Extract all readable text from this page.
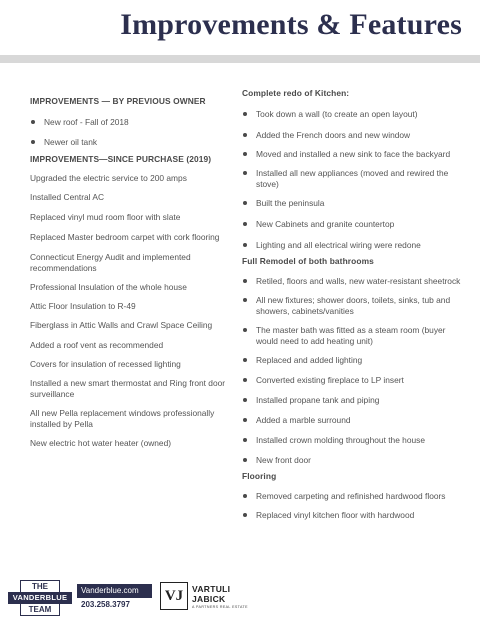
Improvements & Features
IMPROVEMENTS — BY PREVIOUS OWNER
New roof - Fall of 2018
Newer oil tank
IMPROVEMENTS—SINCE PURCHASE (2019)
Upgraded the electric service to 200 amps
Installed Central AC
Replaced vinyl mud room floor with slate
Replaced Master bedroom carpet with cork flooring
Connecticut Energy Audit and implemented recommendations
Professional Insulation of the whole house
Attic Floor Insulation to R-49
Fiberglass in Attic Walls and Crawl Space Ceiling
Added a roof vent as recommended
Covers for insulation of recessed lighting
Installed a new smart thermostat and Ring front door surveillance
All new Pella replacement windows professionally installed by Pella
New electric hot water heater (owned)
Complete redo of Kitchen:
Took down a wall (to create an open layout)
Added the French doors and new window
Moved and installed a new sink to face the backyard
Installed all new appliances (moved and rewired the stove)
Built the peninsula
New Cabinets and granite countertop
Lighting and all electrical wiring were redone
Full Remodel of both bathrooms
Retiled, floors and walls, new water-resistant sheetrock
All new fixtures; shower doors, toilets, sinks, tub and showers, cabinets/vanities
The master bath was fitted as a steam room (buyer would need to add heating unit)
Replaced and added lighting
Converted existing fireplace to LP insert
Installed propane tank and piping
Added a marble surround
Installed crown molding throughout the house
New front door
Flooring
Removed carpeting and refinished hardwood floors
Replaced vinyl kitchen floor with hardwood
THE
VANDERBLUE
TEAM
Vanderblue.com
203.258.3797
VJ	VARTULI
JABICK
A PARTNERS REAL ESTATE
